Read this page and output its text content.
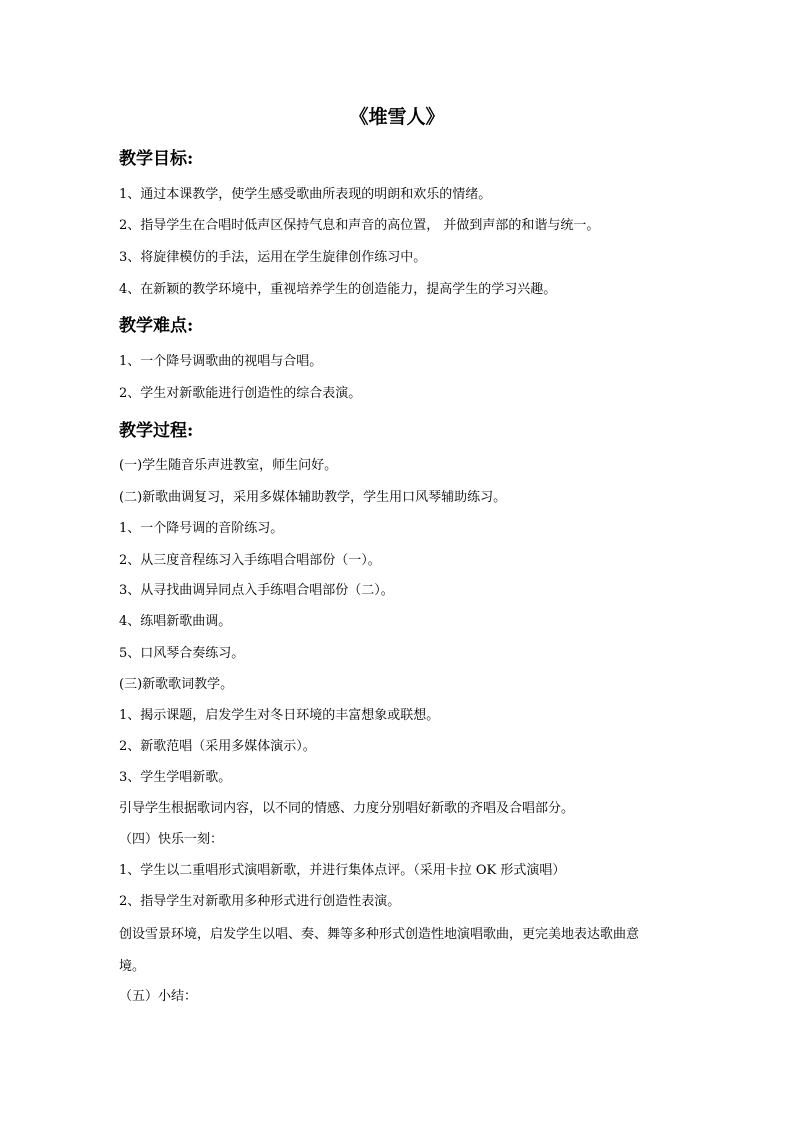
《堆雪人》
教学目标:
1、通过本课教学，使学生感受歌曲所表现的明朗和欢乐的情绪。
2、指导学生在合唱时低声区保持气息和声音的高位置， 并做到声部的和谐与统一。
3、将旋律模仿的手法，运用在学生旋律创作练习中。
4、在新颖的教学环境中，重视培养学生的创造能力，提高学生的学习兴趣。
教学难点:
1、一个降号调歌曲的视唱与合唱。
2、学生对新歌能进行创造性的综合表演。
教学过程:
(一)学生随音乐声进教室，师生问好。
(二)新歌曲调复习，采用多媒体辅助教学，学生用口风琴辅助练习。
1、一个降号调的音阶练习。
2、从三度音程练习入手练唱合唱部份（一）。
3、从寻找曲调异同点入手练唱合唱部份（二）。
4、练唱新歌曲调。
5、口风琴合奏练习。
(三)新歌歌词教学。
1、揭示课题，启发学生对冬日环境的丰富想象或联想。
2、新歌范唱（采用多媒体演示）。
3、学生学唱新歌。
引导学生根据歌词内容，以不同的情感、力度分别唱好新歌的齐唱及合唱部分。
（四）快乐一刻：
1、学生以二重唱形式演唱新歌，并进行集体点评。（采用卡拉 OK 形式演唱）
2、指导学生对新歌用多种形式进行创造性表演。
创设雪景环境，启发学生以唱、奏、舞等多种形式创造性地演唱歌曲，更完美地表达歌曲意
境。
（五）小结：
